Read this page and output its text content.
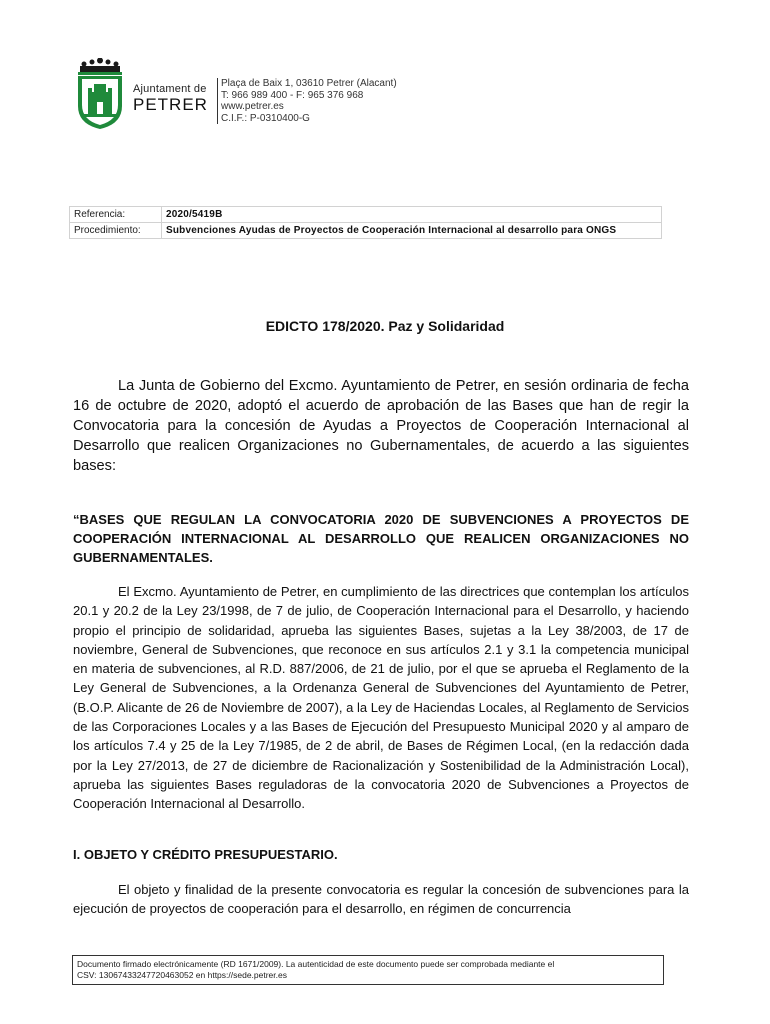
Ajuntament de
PETRER
Plaça de Baix 1, 03610 Petrer (Alacant)
T: 966 989 400 - F: 965 376 968
www.petrer.es
C.I.F.: P-0310400-G
Referencia:	2020/5419B
Procedimiento:	Subvenciones Ayudas de Proyectos de Cooperación Internacional al desarrollo para ONGS
EDICTO 178/2020. Paz y Solidaridad

La Junta de Gobierno del Excmo. Ayuntamiento de Petrer, en sesión ordinaria de fecha 16 de octubre de 2020, adoptó el acuerdo de aprobación de las Bases que han de regir la Convocatoria para la concesión de Ayudas a Proyectos de Cooperación Internacional al Desarrollo que realicen Organizaciones no Gubernamentales, de acuerdo a las siguientes bases:

“BASES QUE REGULAN LA CONVOCATORIA 2020 DE SUBVENCIONES A PROYECTOS DE COOPERACIÓN INTERNACIONAL AL DESARROLLO QUE REALICEN ORGANIZACIONES NO GUBERNAMENTALES.

El Excmo. Ayuntamiento de Petrer, en cumplimiento de las directrices que contemplan los artículos 20.1 y 20.2 de la Ley 23/1998, de 7 de julio, de Cooperación Internacional para el Desarrollo, y haciendo propio el principio de solidaridad, aprueba las siguientes Bases, sujetas a la Ley 38/2003, de 17 de noviembre, General de Subvenciones, que reconoce en sus artículos 2.1 y 3.1 la competencia municipal en materia de subvenciones, al R.D. 887/2006, de 21 de julio, por el que se aprueba el Reglamento de la Ley General de Subvenciones, a la Ordenanza General de Subvenciones del Ayuntamiento de Petrer, (B.O.P. Alicante de 26 de Noviembre de 2007), a la Ley de Haciendas Locales, al Reglamento de Servicios de las Corporaciones Locales y a las Bases de Ejecución del Presupuesto Municipal 2020 y al amparo de los artículos 7.4 y 25 de la Ley 7/1985, de 2 de abril, de Bases de Régimen Local, (en la redacción dada por la Ley 27/2013, de 27 de diciembre de Racionalización y Sostenibilidad de la Administración Local), aprueba las siguientes Bases reguladoras de la convocatoria 2020 de Subvenciones a Proyectos de Cooperación Internacional al Desarrollo.

I. OBJETO Y CRÉDITO PRESUPUESTARIO.

El objeto y finalidad de la presente convocatoria es regular la concesión de subvenciones para la ejecución de proyectos de cooperación para el desarrollo, en régimen de concurrencia

Documento firmado electrónicamente (RD 1671/2009). La autenticidad de este documento puede ser comprobada mediante el
CSV: 13067433247720463052 en https://sede.petrer.es
